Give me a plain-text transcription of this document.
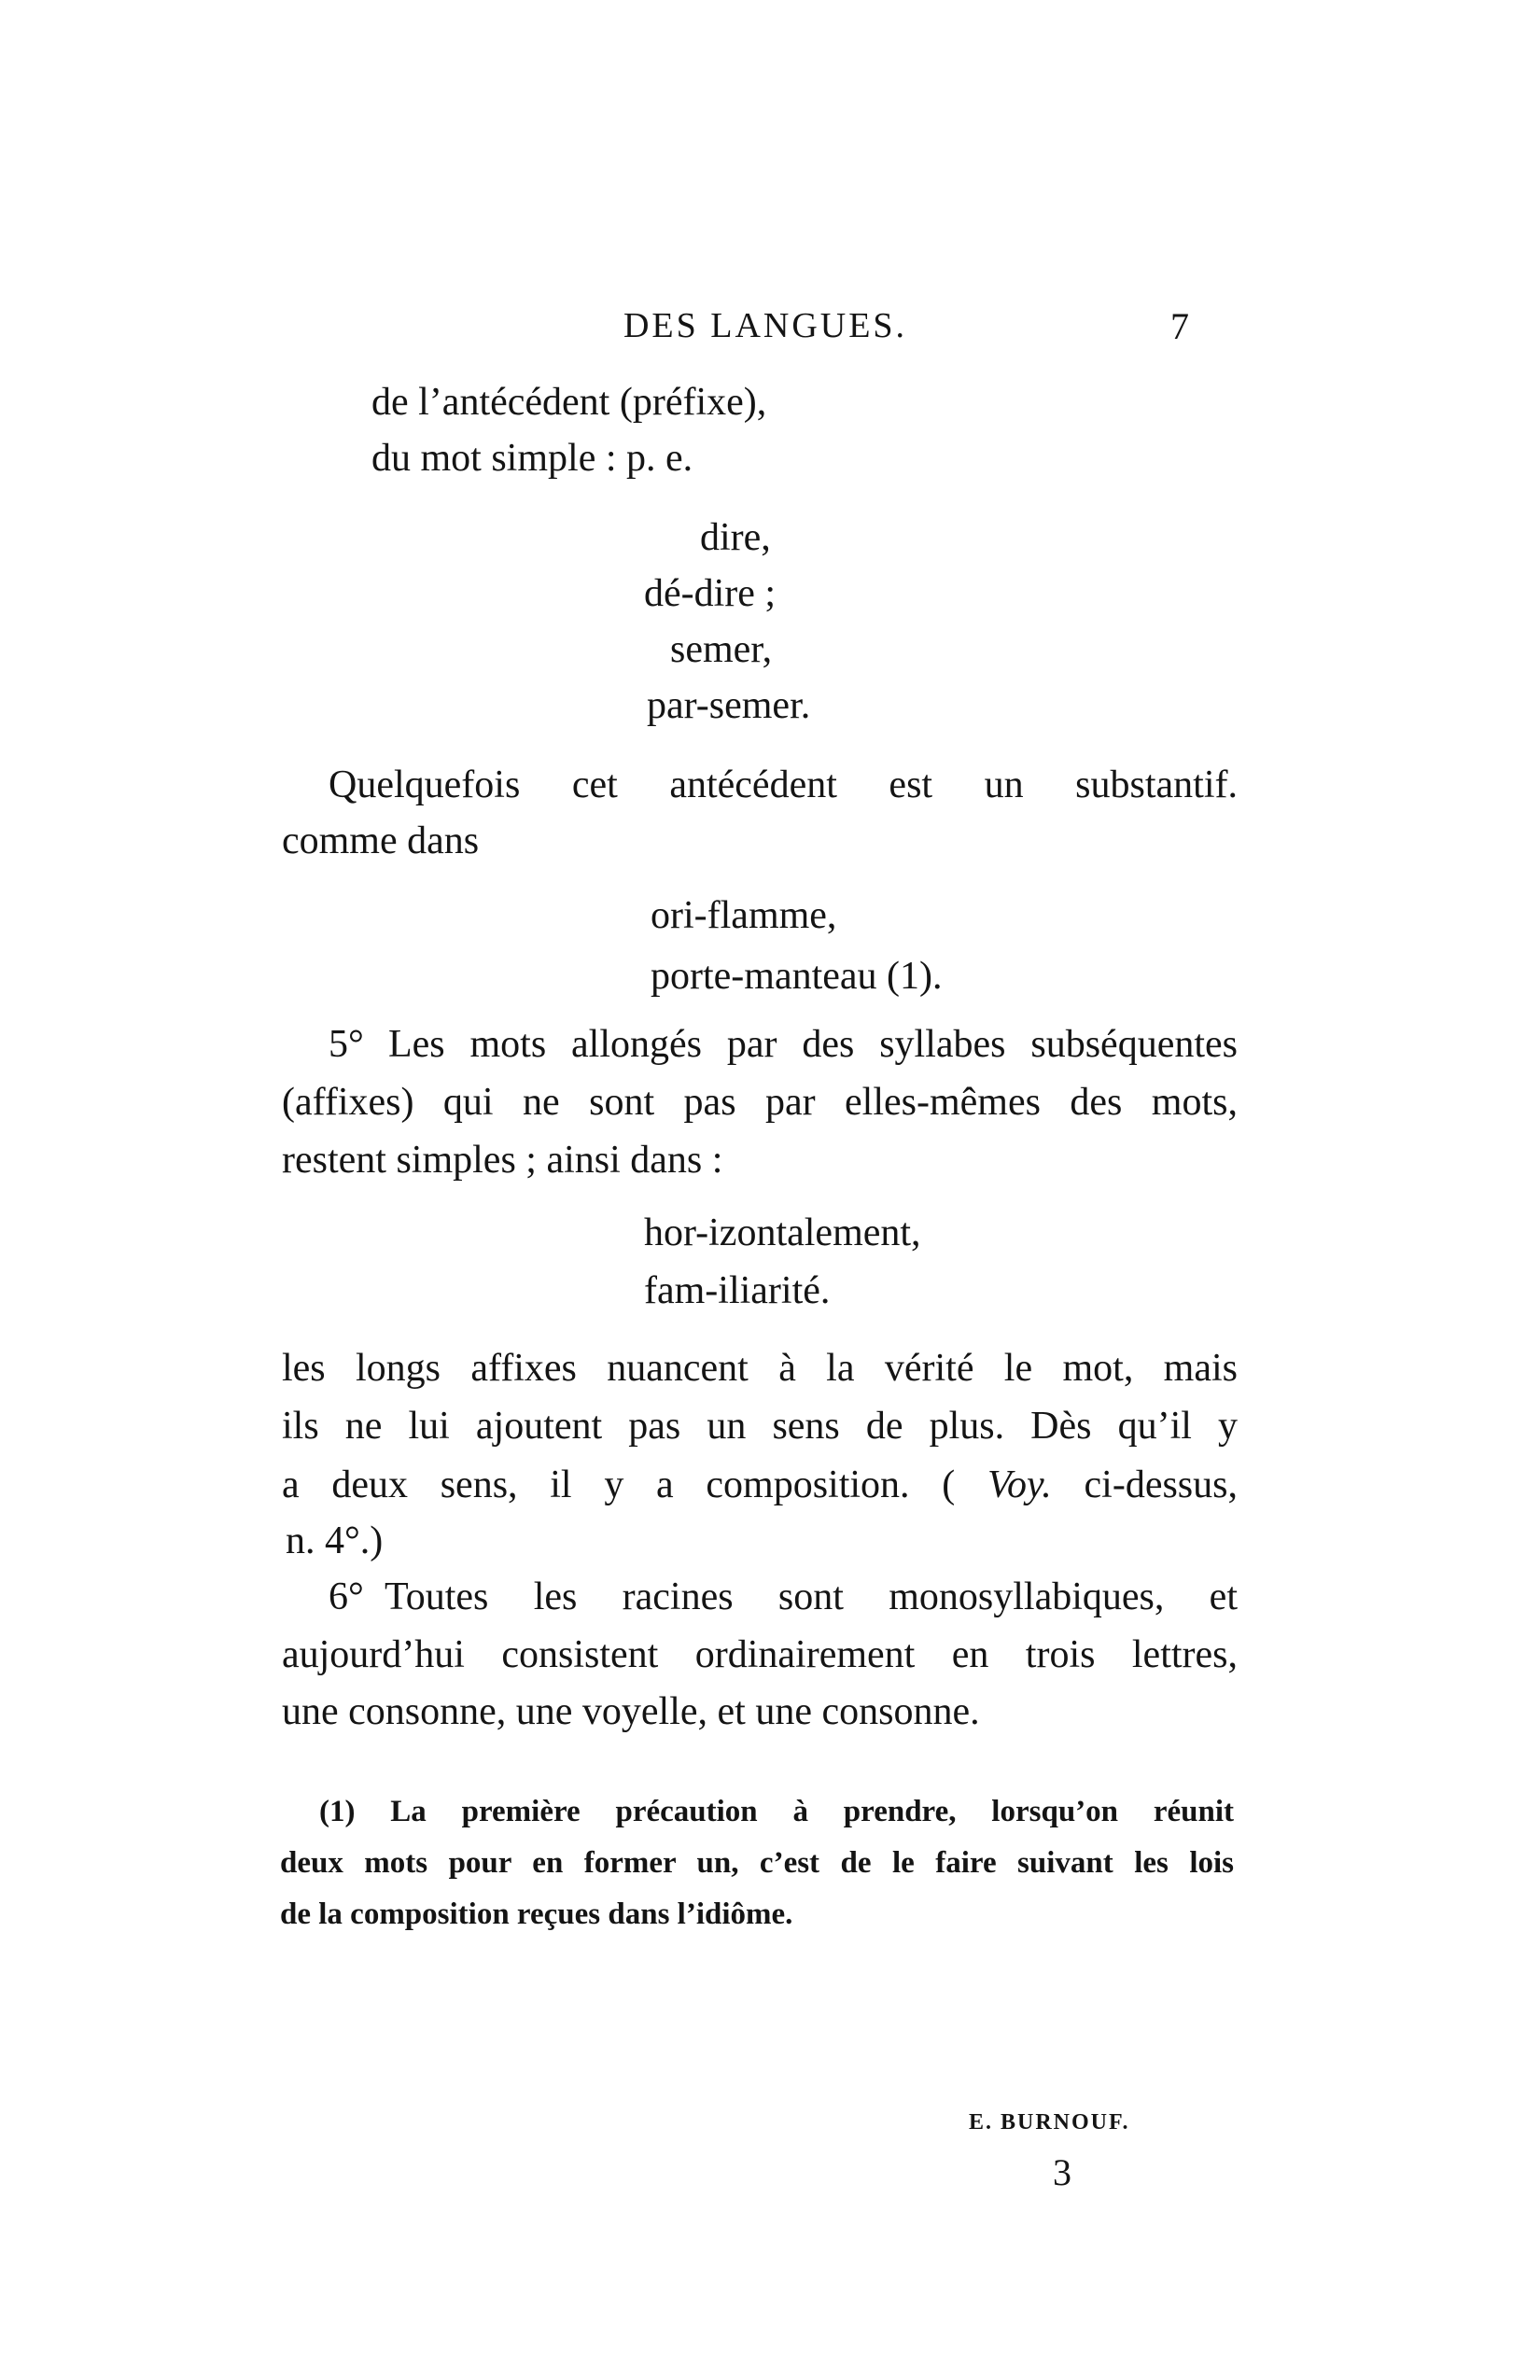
DES LANGUES.	7
de l’antécédent (préfixe),
du mot simple : p. e.
dire,
dé-dire ;
semer,
par-semer.
Quelquefois cet antécédent est un substantif.
comme dans
ori-flamme,
porte-manteau (1).
5° Les mots allongés par des syllabes subséquentes
(affixes) qui ne sont pas par elles-mêmes des mots,
restent simples ; ainsi dans :
hor-izontalement,
fam-iliarité.
les longs affixes nuancent à la vérité le mot, mais
ils ne lui ajoutent pas un sens de plus. Dès qu’il y
a deux sens, il y a composition. ( Voy. ci-dessus,
n. 4°.)
6° Toutes les racines sont monosyllabiques, et
aujourd’hui consistent ordinairement en trois lettres,
une consonne, une voyelle, et une consonne.
(1) La première précaution à prendre, lorsqu’on réunit
deux mots pour en former un, c’est de le faire suivant les lois
de la composition reçues dans l’idiôme.
E. BURNOUF.
3
